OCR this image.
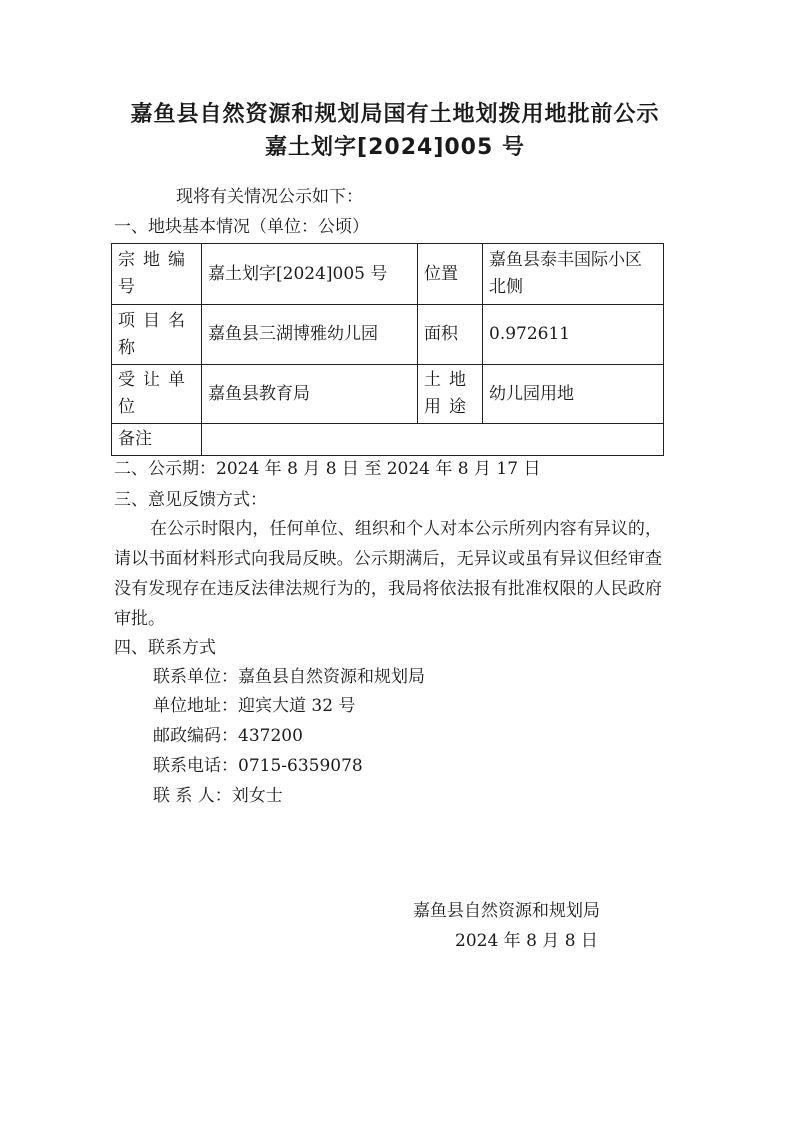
嘉鱼县自然资源和规划局国有土地划拨用地批前公示
嘉土划字[2024]005 号
现将有关情况公示如下：
一、地块基本情况（单位：公顷）
宗地编号	嘉土划字[2024]005 号	位置	嘉鱼县泰丰国际小区北侧
项目名称	嘉鱼县三湖博雅幼儿园	面积	0.972611
受让单位	嘉鱼县教育局	土地用途	幼儿园用地
备注			
二、公示期：2024 年 8 月 8 日 至 2024 年 8 月 17 日
三、意见反馈方式：
在公示时限内，任何单位、组织和个人对本公示所列内容有异议的，请以书面材料形式向我局反映。公示期满后，无异议或虽有异议但经审查没有发现存在违反法律法规行为的，我局将依法报有批准权限的人民政府审批。
四、联系方式
联系单位：嘉鱼县自然资源和规划局
单位地址：迎宾大道 32 号
邮政编码：437200
联系电话：0715-6359078
联 系 人：刘女士
嘉鱼县自然资源和规划局
2024 年 8 月 8 日
